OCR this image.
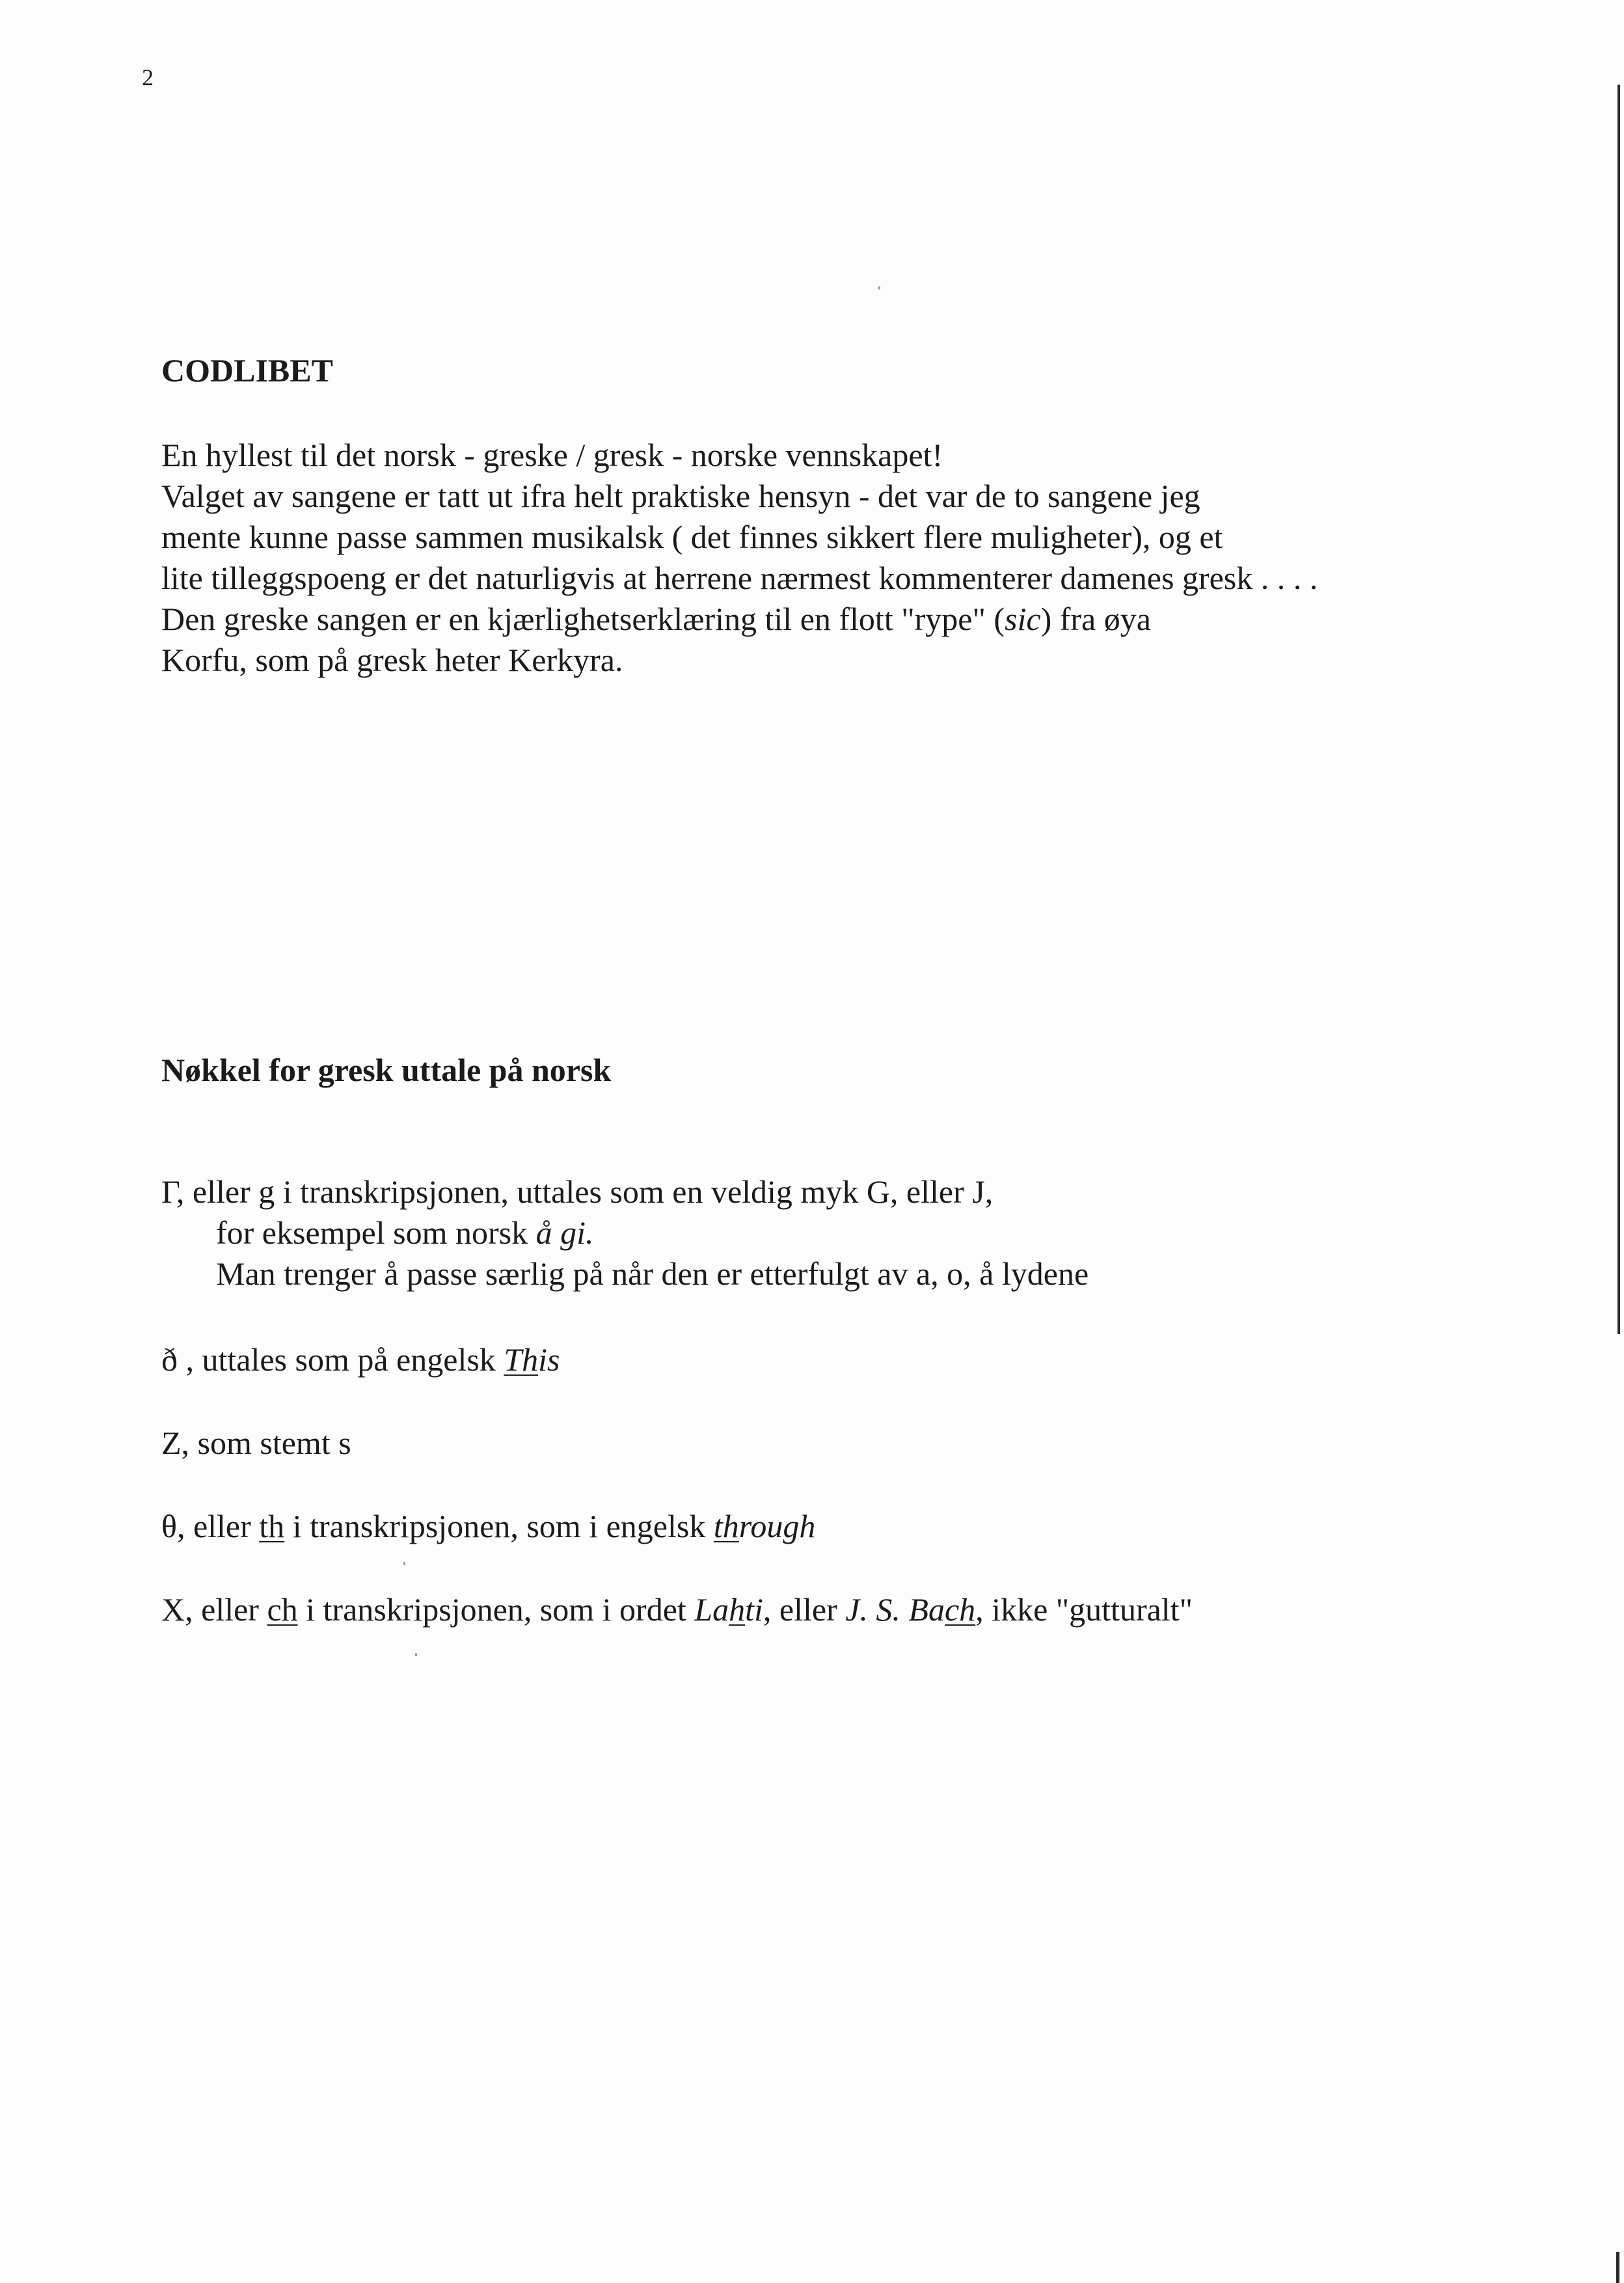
2
CODLIBET
En hyllest til det norsk - greske / gresk - norske vennskapet!
Valget av sangene er tatt ut ifra helt praktiske hensyn - det var de to sangene jeg
mente kunne passe sammen musikalsk ( det finnes sikkert flere muligheter), og et
lite tilleggspoeng er det naturligvis at herrene nærmest kommenterer damenes gresk . . . .
Den greske sangen er en kjærlighetserklæring til en flott "rype" (sic) fra øya
Korfu, som på gresk heter Kerkyra.
Nøkkel for gresk uttale på norsk
Γ, eller g i transkripsjonen, uttales som en veldig myk G, eller J,
for eksempel som norsk å gi.
Man trenger å passe særlig på når den er etterfulgt av a, o, å lydene
ð , uttales som på engelsk This
Z, som stemt s
θ, eller th i transkripsjonen, som i engelsk through
X, eller ch i transkripsjonen, som i ordet Lahti, eller J. S. Bach, ikke "gutturalt"
